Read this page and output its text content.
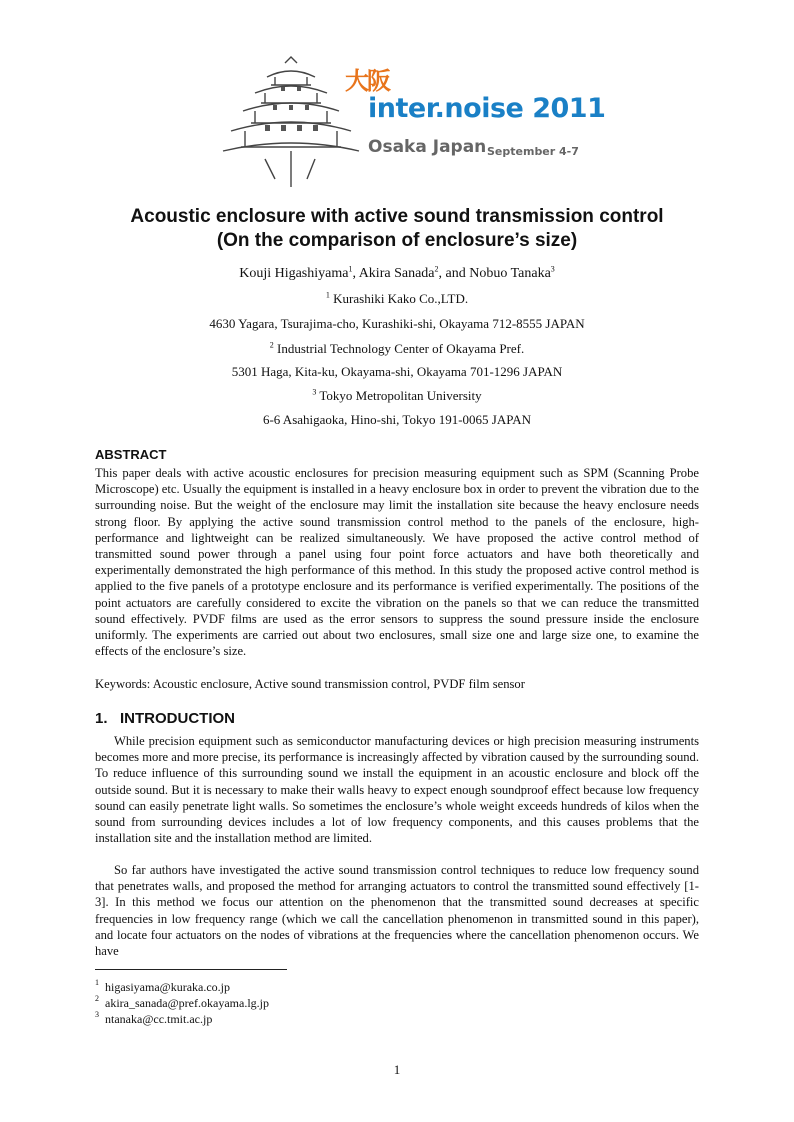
大阪
inter.noise 2011
Osaka Japan September 4-7
Acoustic enclosure with active sound transmission control
(On the comparison of enclosure’s size)
Kouji Higashiyama$^1$, Akira Sanada$^2$, and Nobuo Tanaka$^3$
$^1$ Kurashiki Kako Co.,LTD.
4630 Yagara, Tsurajima-cho, Kurashiki-shi, Okayama 712-8555 JAPAN
$^2$ Industrial Technology Center of Okayama Pref.
5301 Haga, Kita-ku, Okayama-shi, Okayama 701-1296 JAPAN
$^3$ Tokyo Metropolitan University
6-6 Asahigaoka, Hino-shi, Tokyo 191-0065 JAPAN
ABSTRACT

This paper deals with active acoustic enclosures for precision measuring equipment such as SPM (Scanning Probe Microscope) etc. Usually the equipment is installed in a heavy enclosure box in order to prevent the vibration due to the surrounding noise. But the weight of the enclosure may limit the installation site because the heavy enclosure needs strong floor. By applying the active sound transmission control method to the panels of the enclosure, high-performance and lightweight can be realized simultaneously. We have proposed the active control method of transmitted sound power through a panel using four point force actuators and have both theoretically and experimentally demonstrated the high performance of this method. In this study the proposed active control method is applied to the five panels of a prototype enclosure and its performance is verified experimentally. The positions of the point actuators are carefully considered to excite the vibration on the panels so that we can reduce the transmitted sound effectively. PVDF films are used as the error sensors to suppress the sound pressure inside the enclosure uniformly. The experiments are carried out about two enclosures, small size one and large size one, to examine the effects of the enclosure’s size.

Keywords: Acoustic enclosure, Active sound transmission control, PVDF film sensor

1.   INTRODUCTION

While precision equipment such as semiconductor manufacturing devices or high precision measuring instruments becomes more and more precise, its performance is increasingly affected by vibration caused by the surrounding sound. To reduce influence of this surrounding sound we install the equipment in an acoustic enclosure and block off the outside sound. But it is necessary to make their walls heavy to expect enough soundproof effect because low frequency sound can easily penetrate light walls. So sometimes the enclosure’s whole weight exceeds hundreds of kilos when the sound from surrounding devices includes a lot of low frequency components, and this causes problems that the installation site and the installation method are limited.

So far authors have investigated the active sound transmission control techniques to reduce low frequency sound that penetrates walls, and proposed the method for arranging actuators to control the transmitted sound effectively [1-3]. In this method we focus our attention on the phenomenon that the transmitted sound decreases at specific frequencies in low frequency range (which we call the cancellation phenomenon in transmitted sound in this paper), and locate four actuators on the nodes of vibrations at the frequencies where the cancellation phenomenon occurs. We have

$^1$ higasiyama@kuraka.co.jp
$^2$ akira_sanada@pref.okayama.lg.jp
$^3$ ntanaka@cc.tmit.ac.jp
1
